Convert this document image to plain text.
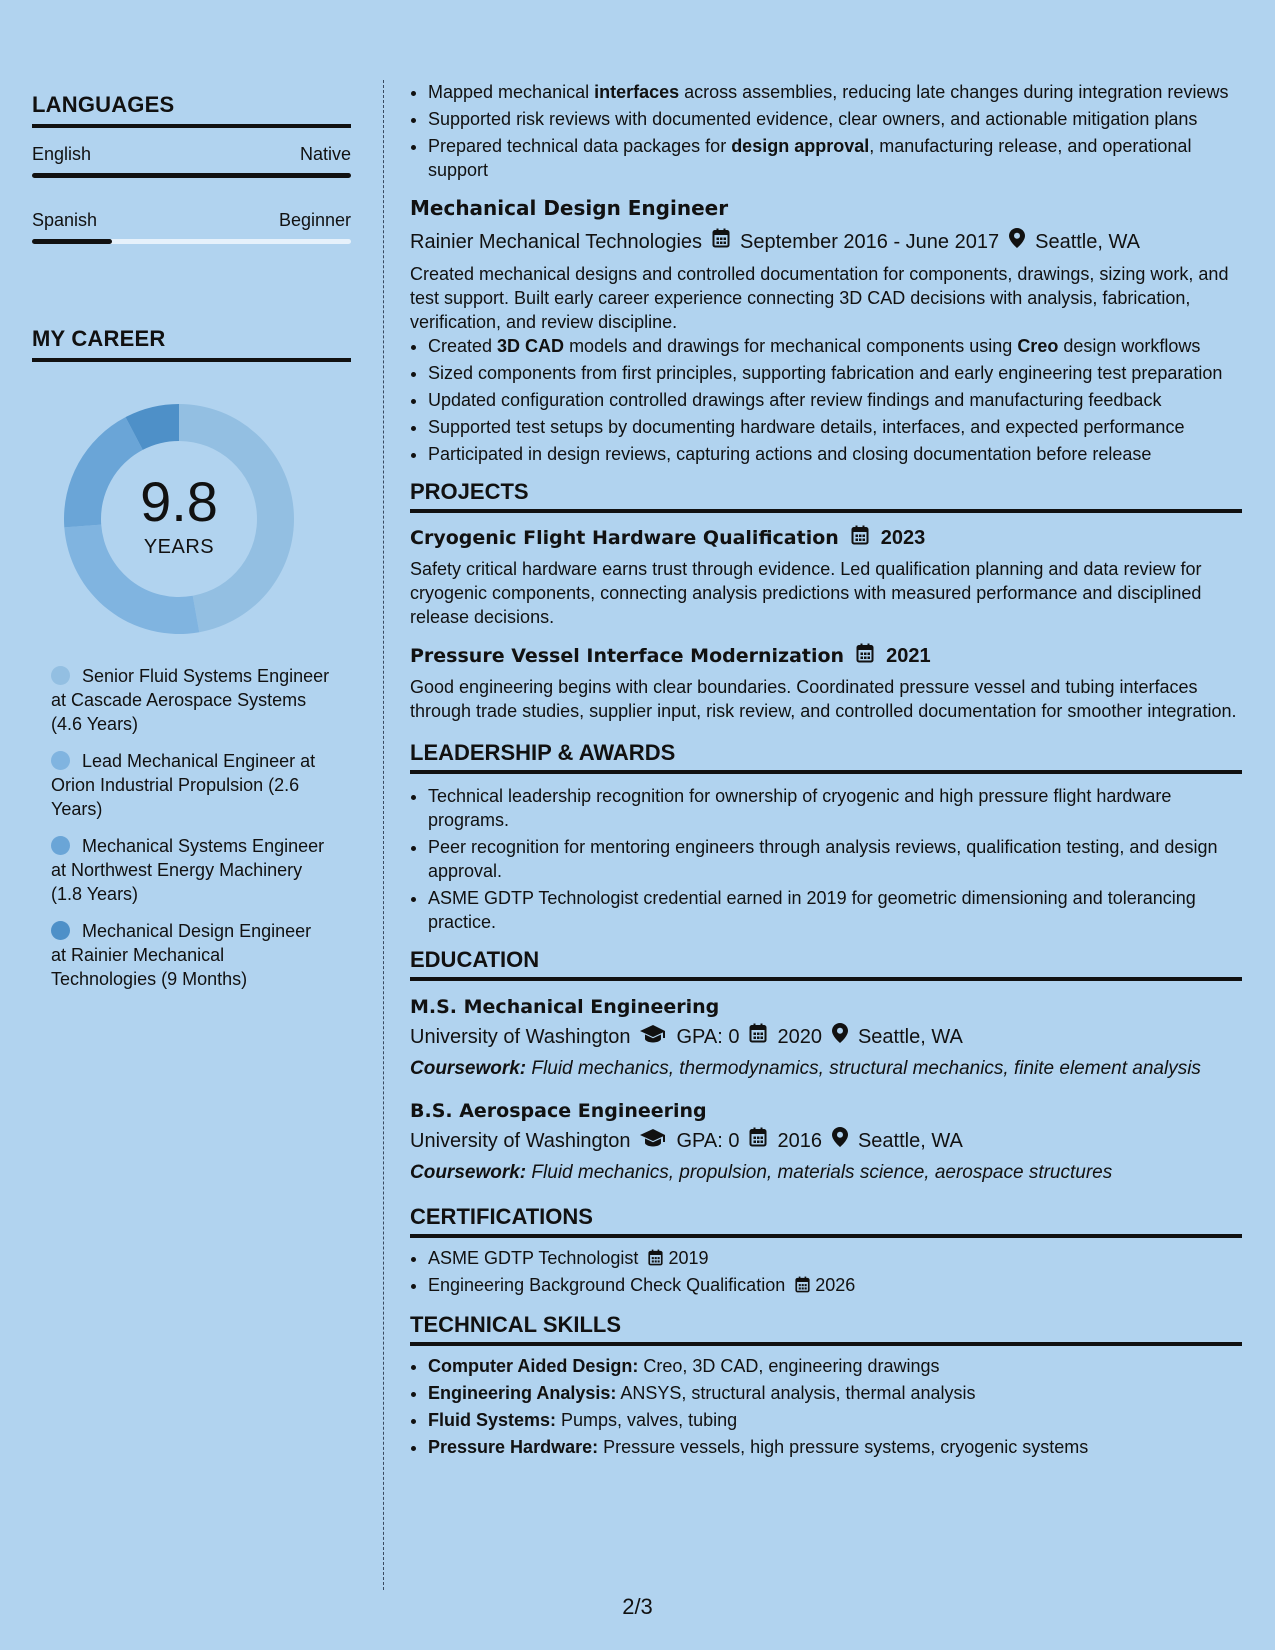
LANGUAGES
English	Native
Spanish	Beginner
MY CAREER
9.8
YEARS
Senior Fluid Systems Engineer at Cascade Aerospace Systems (4.6 Years)
Lead Mechanical Engineer at Orion Industrial Propulsion (2.6 Years)
Mechanical Systems Engineer at Northwest Energy Machinery (1.8 Years)
Mechanical Design Engineer at Rainier Mechanical Technologies (9 Months)
• Mapped mechanical interfaces across assemblies, reducing late changes during integration reviews
• Supported risk reviews with documented evidence, clear owners, and actionable mitigation plans
• Prepared technical data packages for design approval, manufacturing release, and operational support
Mechanical Design Engineer
Rainier Mechanical Technologies September 2016 - June 2017 Seattle, WA
Created mechanical designs and controlled documentation for components, drawings, sizing work, and test support. Built early career experience connecting 3D CAD decisions with analysis, fabrication, verification, and review discipline.
• Created 3D CAD models and drawings for mechanical components using Creo design workflows
• Sized components from first principles, supporting fabrication and early engineering test preparation
• Updated configuration controlled drawings after review findings and manufacturing feedback
• Supported test setups by documenting hardware details, interfaces, and expected performance
• Participated in design reviews, capturing actions and closing documentation before release
PROJECTS
Cryogenic Flight Hardware Qualification 2023
Safety critical hardware earns trust through evidence. Led qualification planning and data review for cryogenic components, connecting analysis predictions with measured performance and disciplined release decisions.
Pressure Vessel Interface Modernization 2021
Good engineering begins with clear boundaries. Coordinated pressure vessel and tubing interfaces through trade studies, supplier input, risk review, and controlled documentation for smoother integration.
LEADERSHIP & AWARDS
• Technical leadership recognition for ownership of cryogenic and high pressure flight hardware programs.
• Peer recognition for mentoring engineers through analysis reviews, qualification testing, and design approval.
• ASME GDTP Technologist credential earned in 2019 for geometric dimensioning and tolerancing practice.
EDUCATION
M.S. Mechanical Engineering
University of Washington GPA: 0 2020 Seattle, WA
Coursework: Fluid mechanics, thermodynamics, structural mechanics, finite element analysis
B.S. Aerospace Engineering
University of Washington GPA: 0 2016 Seattle, WA
Coursework: Fluid mechanics, propulsion, materials science, aerospace structures
CERTIFICATIONS
• ASME GDTP Technologist 2019
• Engineering Background Check Qualification 2026
TECHNICAL SKILLS
• Computer Aided Design: Creo, 3D CAD, engineering drawings
• Engineering Analysis: ANSYS, structural analysis, thermal analysis
• Fluid Systems: Pumps, valves, tubing
• Pressure Hardware: Pressure vessels, high pressure systems, cryogenic systems
2/3
